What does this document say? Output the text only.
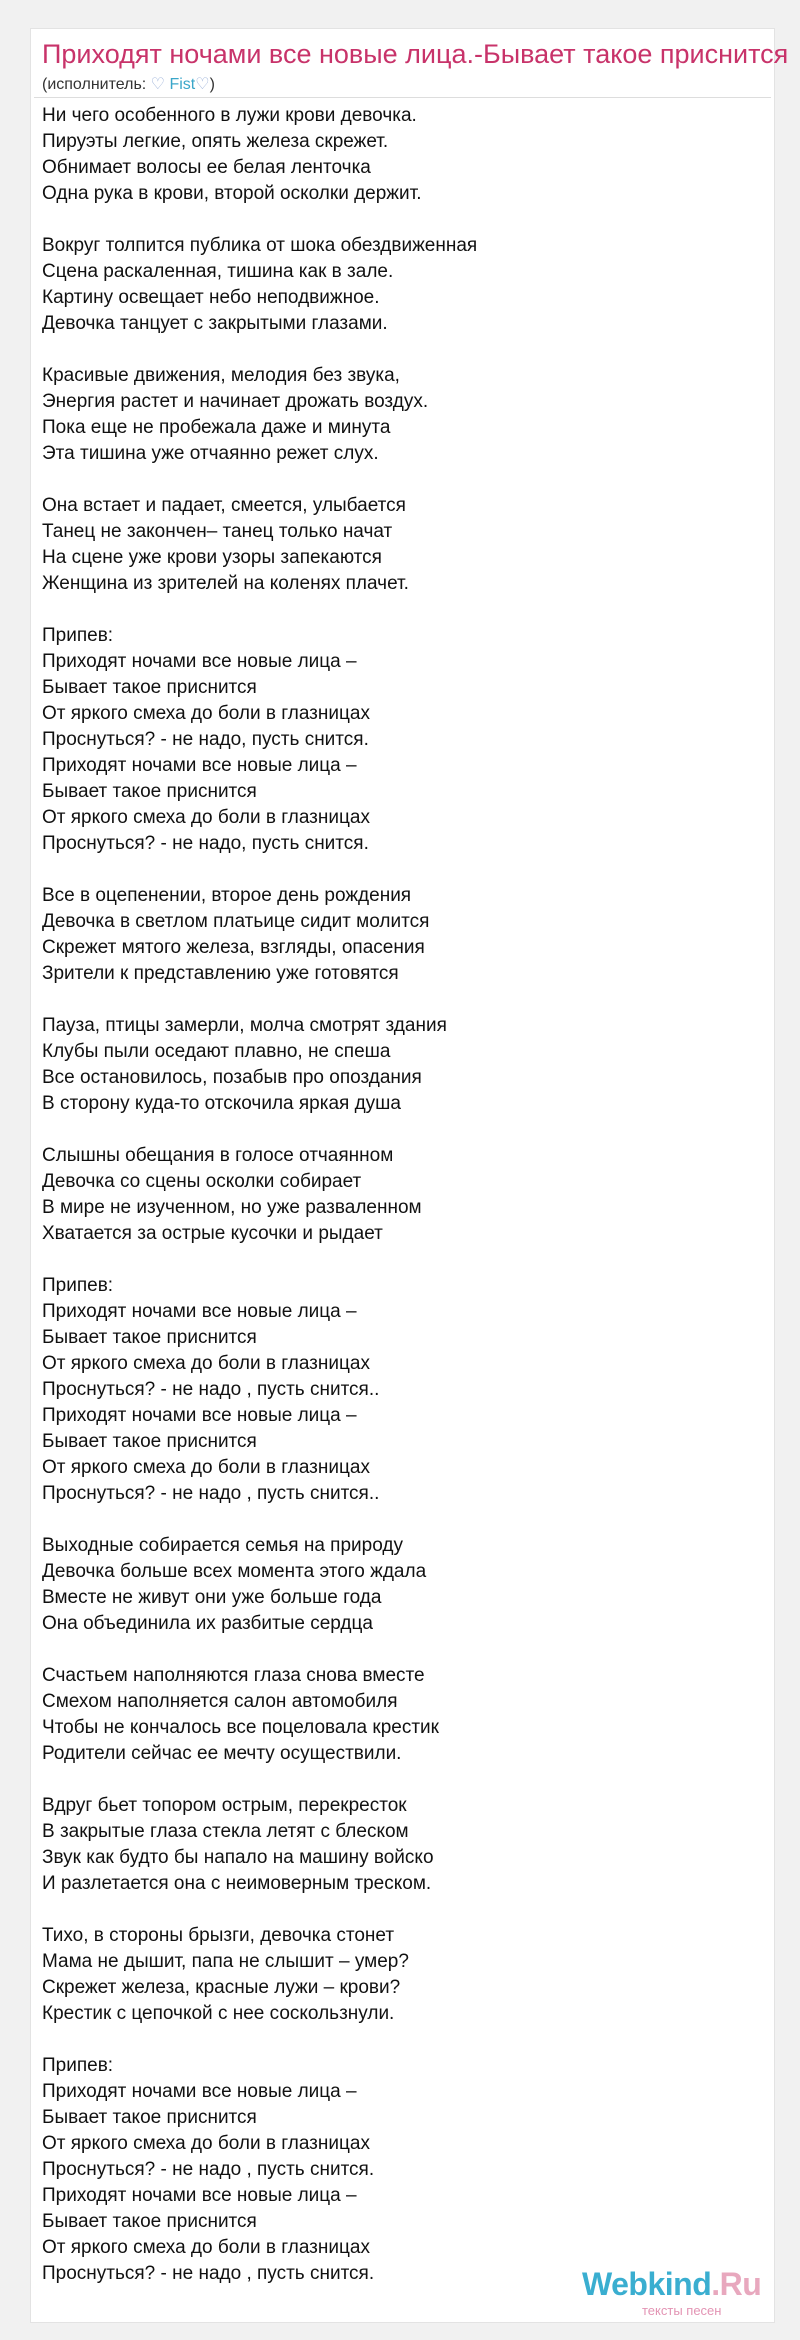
Приходят ночами все новые лица.-Бывает такое приснится
(исполнитель: ♡ Fist♡)
Ни чего особенного в лужи крови девочка.
Пируэты легкие, опять железа скрежет.
Обнимает волосы ее белая ленточка
Одна рука в крови, второй осколки держит.

Вокруг толпится публика от шока обездвиженная
Сцена раскаленная, тишина как в зале.
Картину освещает небо неподвижное.
Девочка танцует с закрытыми глазами.

Красивые движения, мелодия без звука,
Энергия растет и начинает дрожать воздух.
Пока еще не пробежала даже и минута
Эта тишина уже отчаянно режет слух.

Она встает и падает, смеется, улыбается
Танец не закончен– танец только начат
На сцене уже крови узоры запекаются
Женщина из зрителей на коленях плачет.

Припев:
Приходят ночами все новые лица –
Бывает такое приснится
От яркого смеха до боли в глазницах
Проснуться? - не надо, пусть снится.
Приходят ночами все новые лица –
Бывает такое приснится
От яркого смеха до боли в глазницах
Проснуться? - не надо, пусть снится.

Все в оцепенении, второе день рождения
Девочка в светлом платьице сидит молится
Скрежет мятого железа, взгляды, опасения
Зрители к представлению уже готовятся

Пауза, птицы замерли, молча смотрят здания
Клубы пыли оседают плавно, не спеша
Все остановилось, позабыв про опоздания
В сторону куда-то отскочила яркая душа

Слышны обещания в голосе отчаянном
Девочка со сцены осколки собирает
В мире не изученном, но уже разваленном
Хватается за острые кусочки и рыдает

Припев:
Приходят ночами все новые лица –
Бывает такое приснится
От яркого смеха до боли в глазницах
Проснуться? - не надо , пусть снится..
Приходят ночами все новые лица –
Бывает такое приснится
От яркого смеха до боли в глазницах
Проснуться? - не надо , пусть снится..

Выходные собирается семья на природу
Девочка больше всех момента этого ждала
Вместе не живут они уже больше года
Она объединила их разбитые сердца

Счастьем наполняются глаза снова вместе
Смехом наполняется салон автомобиля
Чтобы не кончалось все поцеловала крестик
Родители сейчас ее мечту осуществили.

Вдруг бьет топором острым, перекресток
В закрытые глаза стекла летят с блеском
Звук как будто бы напало на машину войско
И разлетается она с неимоверным треском.

Тихо, в стороны брызги, девочка стонет
Мама не дышит, папа не слышит – умер?
Скрежет железа, красные лужи – крови?
Крестик с цепочкой с нее соскользнули.

Припев:
Приходят ночами все новые лица –
Бывает такое приснится
От яркого смеха до боли в глазницах
Проснуться? - не надо , пусть снится.
Приходят ночами все новые лица –
Бывает такое приснится
От яркого смеха до боли в глазницах
Проснуться? - не надо , пусть снится.	Webkind.Ru
тексты песен
